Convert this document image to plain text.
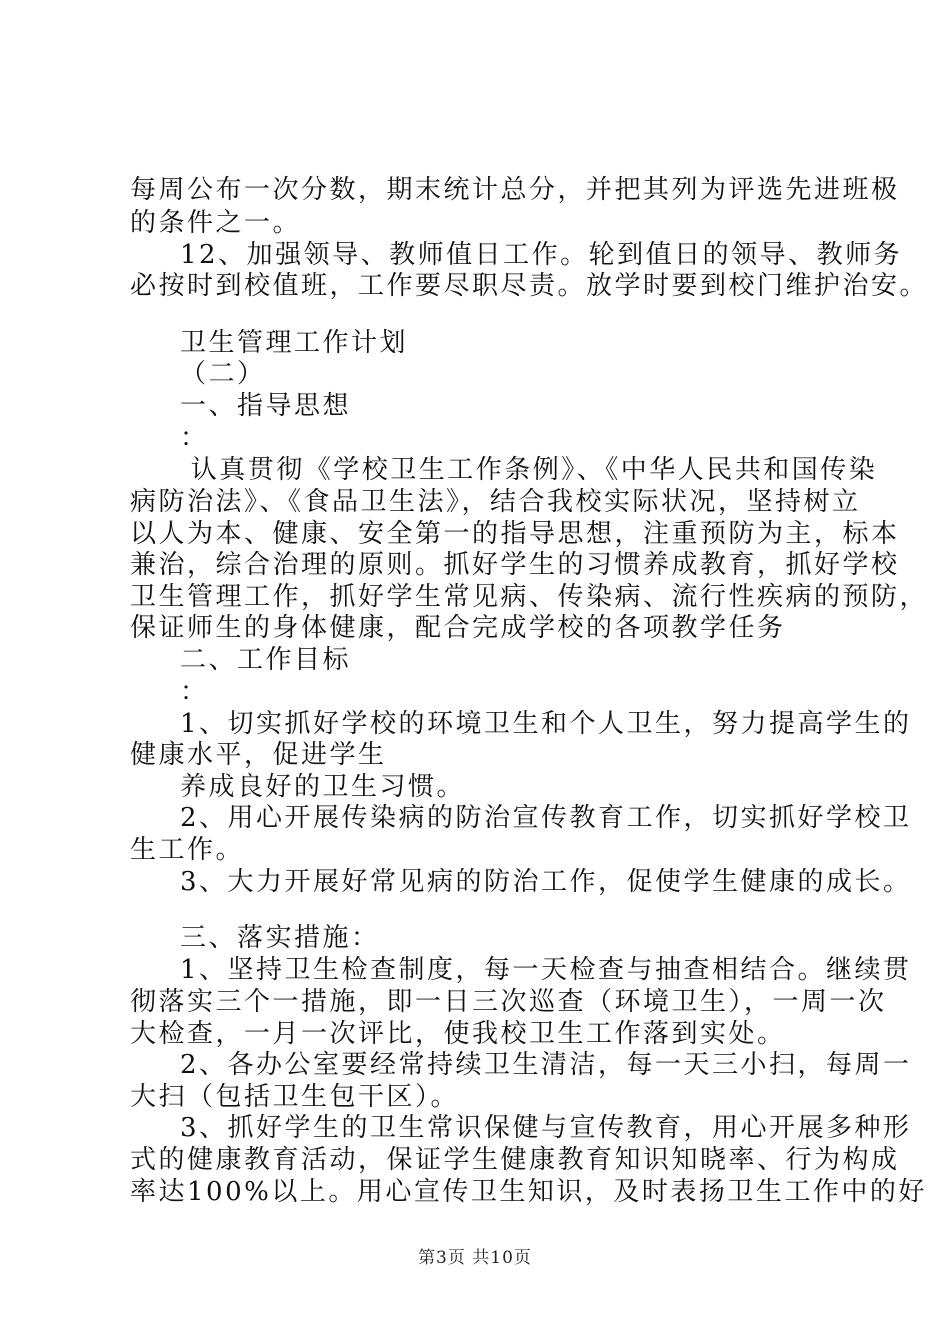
每周公布一次分数，期末统计总分，并把其列为评选先进班极

的条件之一。

12、加强领导、教师值日工作。轮到值日的领导、教师务

必按时到校值班，工作要尽职尽责。放学时要到校门维护治安。

卫生管理工作计划

（二）

一、指导思想

：

认真贯彻《学校卫生工作条例》、《中华人民共和国传染

病防治法》、《食品卫生法》，结合我校实际状况，坚持树立

以人为本、健康、安全第一的指导思想，注重预防为主，标本

兼治，综合治理的原则。抓好学生的习惯养成教育，抓好学校

卫生管理工作，抓好学生常见病、传染病、流行性疾病的预防，

保证师生的身体健康，配合完成学校的各项教学任务

二、工作目标

：

1、切实抓好学校的环境卫生和个人卫生，努力提高学生的

健康水平，促进学生

养成良好的卫生习惯。

2、用心开展传染病的防治宣传教育工作，切实抓好学校卫

生工作。

3、大力开展好常见病的防治工作，促使学生健康的成长。

三、落实措施：

1、坚持卫生检查制度，每一天检查与抽查相结合。继续贯

彻落实三个一措施，即一日三次巡查（环境卫生），一周一次

大检查，一月一次评比，使我校卫生工作落到实处。

2、各办公室要经常持续卫生清洁，每一天三小扫，每周一

大扫（包括卫生包干区）。

3、抓好学生的卫生常识保健与宣传教育，用心开展多种形

式的健康教育活动，保证学生健康教育知识知晓率、行为构成

率达100%以上。用心宣传卫生知识，及时表扬卫生工作中的好

第3页 共10页
